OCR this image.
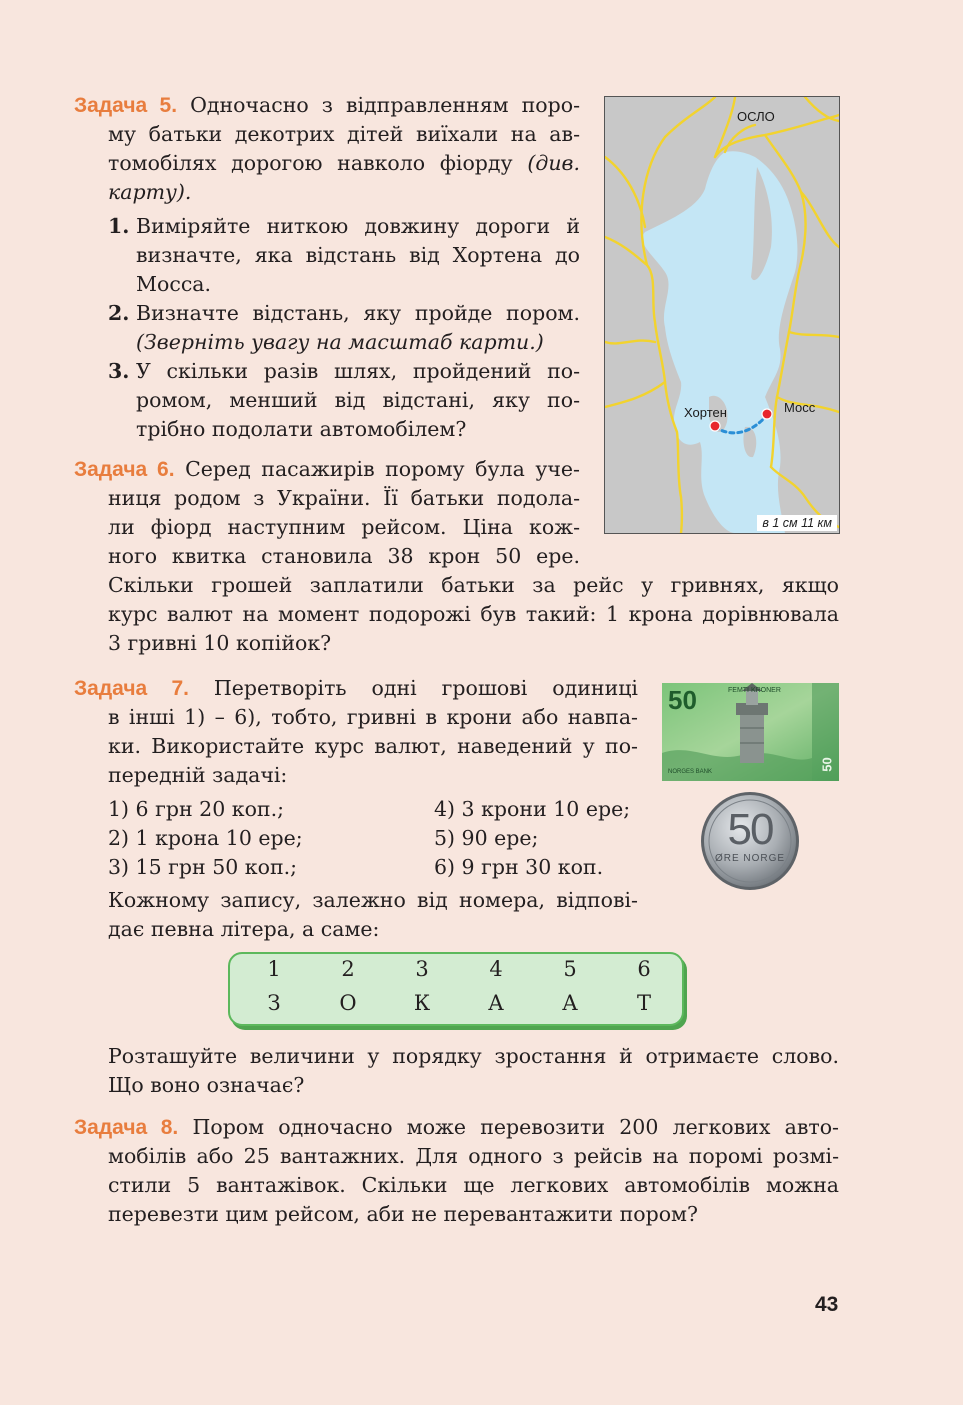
Задача 5. Одночасно з відправленням поро-
му батьки декотрих дітей виїхали на ав-
томобілях дорогою навколо фіорду (див.
карту).

1. Виміряйте ниткою довжину дороги й
визначте, яка відстань від Хортена до
Мосса.
2. Визначте відстань, яку пройде пором.
(Зверніть увагу на масштаб карти.)
3. У скільки разів шлях, пройдений по-
ромом, менший від відстані, яку по-
трібно подолати автомобілем?
ОСЛО
Хортен	Мосс
в 1 см 11 км

Задача 6. Серед пасажирів порому була уче-
ниця родом з України. Її батьки подола-
ли фіорд наступним рейсом. Ціна кож-
ного квитка становила 38 крон 50 ере.

Скільки грошей заплатили батьки за рейс у гривнях, якщо
курс валют на момент подорожі був такий: 1 крона дорівнювала
3 гривні 10 копійок?

Задача 7. Перетворіть одні грошові одиниці
в інші 1) – 6), тобто, гривні в крони або навпа-
ки. Використайте курс валют, наведений у по-
передній задачі:

50	FEMTI KRONER
NORGES BANK
50
50
ØRE NORGE
1) 6 грн 20 коп.;
2) 1 крона 10 ере;
3) 15 грн 50 коп.;
4) 3 крони 10 ере;
5) 90 ере;
6) 9 грн 30 коп.

Кожному запису, залежно від номера, відпові-
дає певна літера, а саме:

1	2	3	4	5	6
З	О	К	А	А	Т

Розташуйте величини у порядку зростання й отримаєте слово.
Що воно означає?

Задача 8. Пором одночасно може перевозити 200 легкових авто-
мобілів або 25 вантажних. Для одного з рейсів на поромі розмі-
стили 5 вантажівок. Скільки ще легкових автомобілів можна
перевезти цим рейсом, аби не перевантажити пором?

43
